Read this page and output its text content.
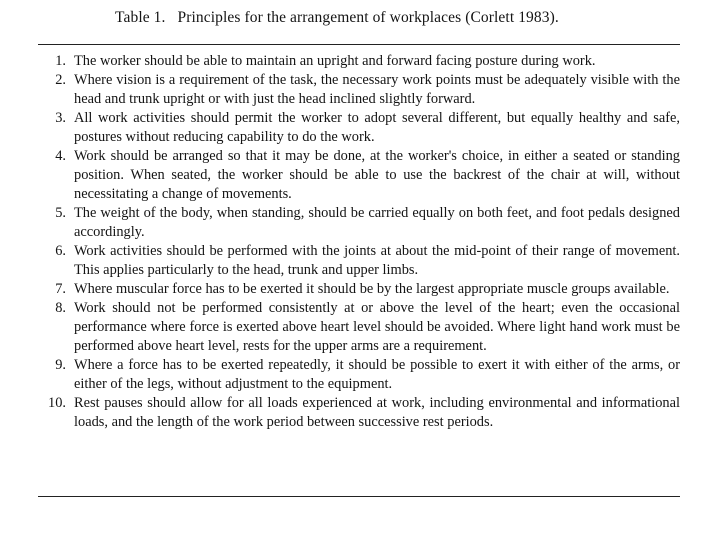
Table 1. Principles for the arrangement of workplaces (Corlett 1983).
1. The worker should be able to maintain an upright and forward facing posture during work.
2. Where vision is a requirement of the task, the necessary work points must be adequately visible with the head and trunk upright or with just the head inclined slightly forward.
3. All work activities should permit the worker to adopt several different, but equally healthy and safe, postures without reducing capability to do the work.
4. Work should be arranged so that it may be done, at the worker's choice, in either a seated or standing position. When seated, the worker should be able to use the backrest of the chair at will, without necessitating a change of movements.
5. The weight of the body, when standing, should be carried equally on both feet, and foot pedals designed accordingly.
6. Work activities should be performed with the joints at about the mid-point of their range of movement. This applies particularly to the head, trunk and upper limbs.
7. Where muscular force has to be exerted it should be by the largest appropriate muscle groups available.
8. Work should not be performed consistently at or above the level of the heart; even the occasional performance where force is exerted above heart level should be avoided. Where light hand work must be performed above heart level, rests for the upper arms are a requirement.
9. Where a force has to be exerted repeatedly, it should be possible to exert it with either of the arms, or either of the legs, without adjustment to the equipment.
10. Rest pauses should allow for all loads experienced at work, including environmental and informational loads, and the length of the work period between successive rest periods.
